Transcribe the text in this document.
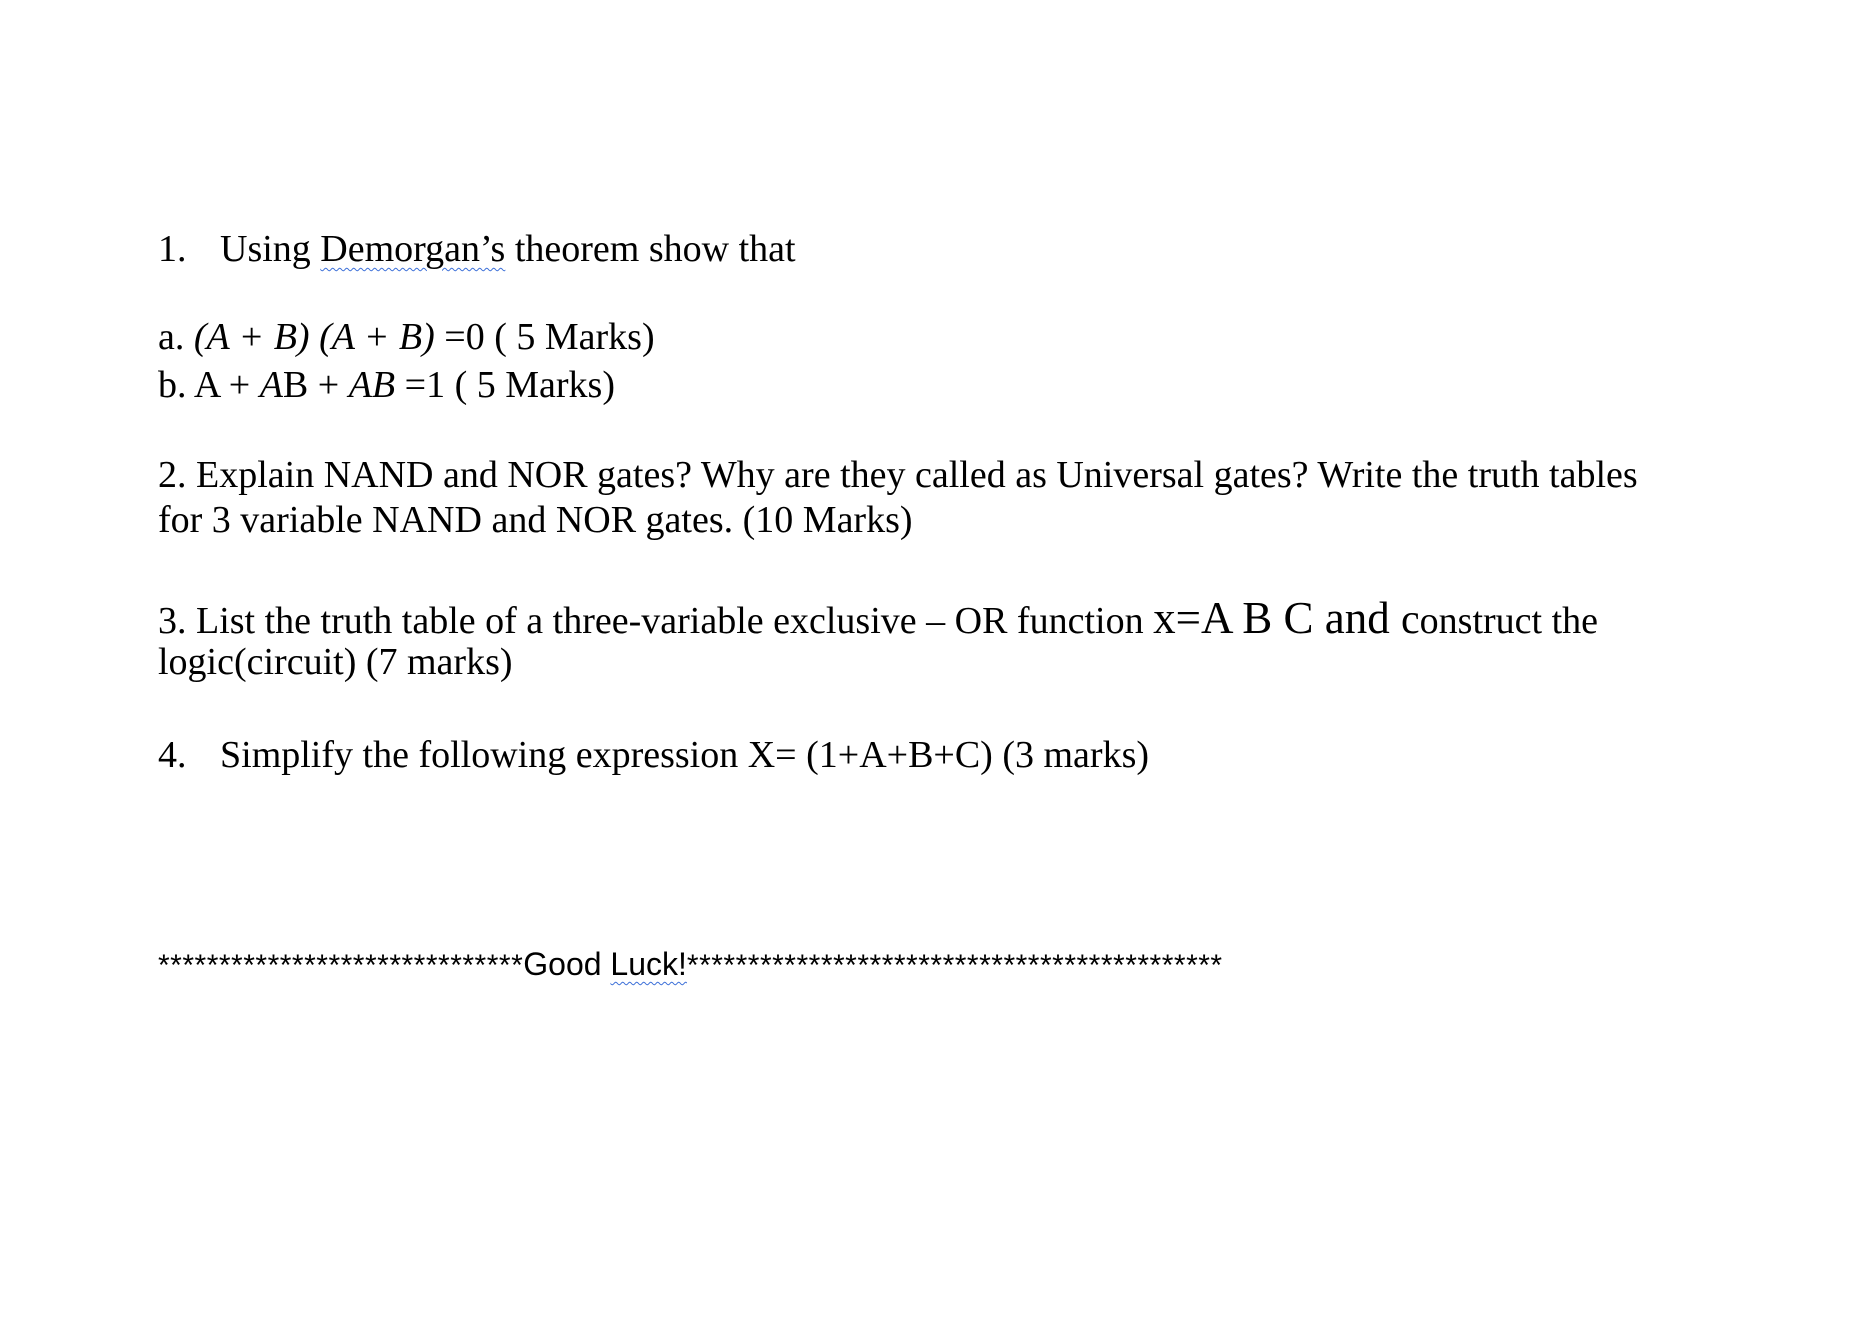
1. Using Demorgan’s theorem show that
a. (A + B) (A + B) =0 ( 5 Marks)
b. A + AB + AB =1 ( 5 Marks)
2. Explain NAND and NOR gates? Why are they called as Universal gates? Write the truth tables
for 3 variable NAND and NOR gates. (10 Marks)
3. List the truth table of a three-variable exclusive – OR function x=A B C and construct the
logic(circuit) (7 marks)
4. Simplify the following expression X= (1+A+B+C) (3 marks)
******************************Good Luck!********************************************
